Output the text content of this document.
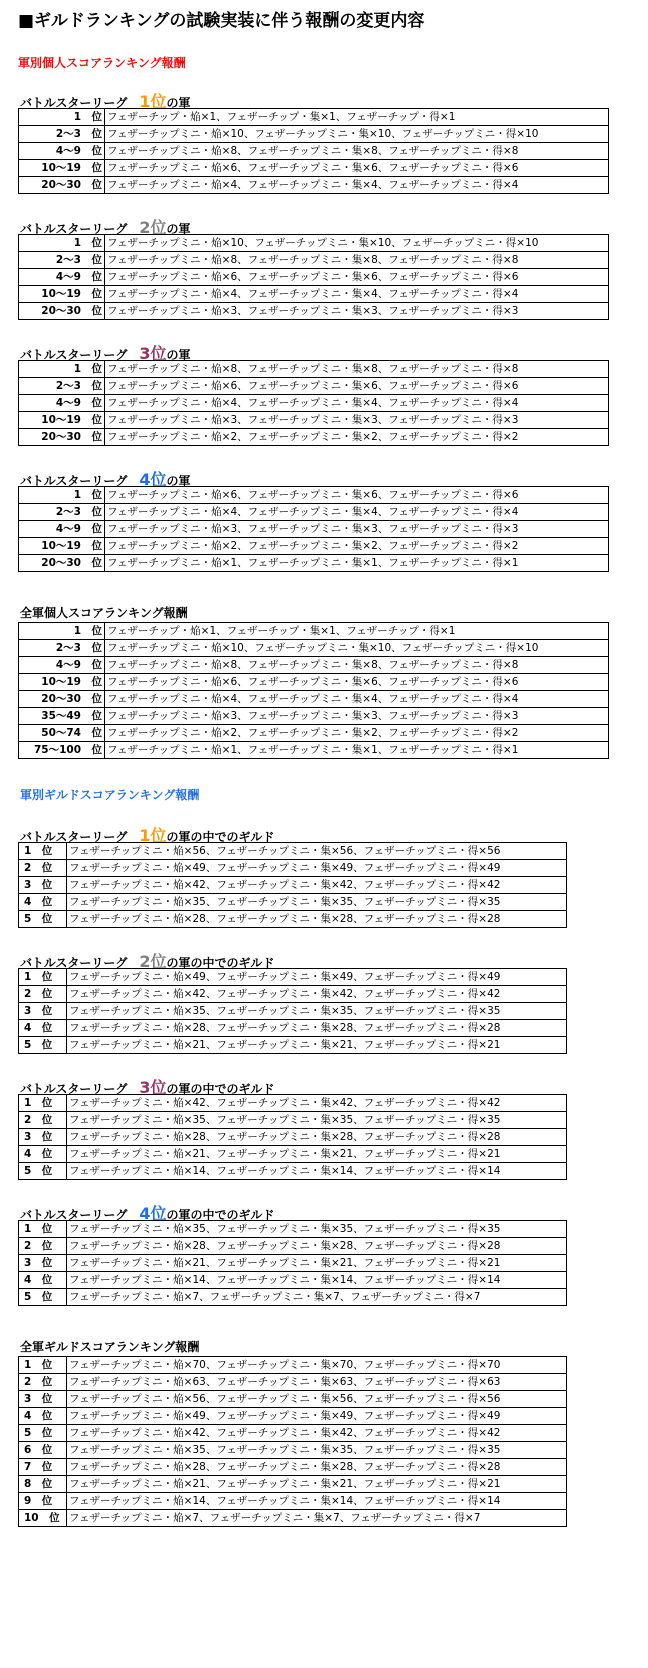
■ギルドランキングの試験実装に伴う報酬の変更内容
軍別個人スコアランキング報酬
バトルスターリーグ　1位の軍
1　位	フェザーチップ・焔×1、フェザーチップ・集×1、フェザーチップ・得×1
2～3　位	フェザーチップミニ・焔×10、フェザーチップミニ・集×10、フェザーチップミニ・得×10
4～9　位	フェザーチップミニ・焔×8、フェザーチップミニ・集×8、フェザーチップミニ・得×8
10～19　位	フェザーチップミニ・焔×6、フェザーチップミニ・集×6、フェザーチップミニ・得×6
20～30　位	フェザーチップミニ・焔×4、フェザーチップミニ・集×4、フェザーチップミニ・得×4
バトルスターリーグ　2位の軍
1　位	フェザーチップミニ・焔×10、フェザーチップミニ・集×10、フェザーチップミニ・得×10
2～3　位	フェザーチップミニ・焔×8、フェザーチップミニ・集×8、フェザーチップミニ・得×8
4～9　位	フェザーチップミニ・焔×6、フェザーチップミニ・集×6、フェザーチップミニ・得×6
10～19　位	フェザーチップミニ・焔×4、フェザーチップミニ・集×4、フェザーチップミニ・得×4
20～30　位	フェザーチップミニ・焔×3、フェザーチップミニ・集×3、フェザーチップミニ・得×3
バトルスターリーグ　3位の軍
1　位	フェザーチップミニ・焔×8、フェザーチップミニ・集×8、フェザーチップミニ・得×8
2～3　位	フェザーチップミニ・焔×6、フェザーチップミニ・集×6、フェザーチップミニ・得×6
4～9　位	フェザーチップミニ・焔×4、フェザーチップミニ・集×4、フェザーチップミニ・得×4
10～19　位	フェザーチップミニ・焔×3、フェザーチップミニ・集×3、フェザーチップミニ・得×3
20～30　位	フェザーチップミニ・焔×2、フェザーチップミニ・集×2、フェザーチップミニ・得×2
バトルスターリーグ　4位の軍
1　位	フェザーチップミニ・焔×6、フェザーチップミニ・集×6、フェザーチップミニ・得×6
2～3　位	フェザーチップミニ・焔×4、フェザーチップミニ・集×4、フェザーチップミニ・得×4
4～9　位	フェザーチップミニ・焔×3、フェザーチップミニ・集×3、フェザーチップミニ・得×3
10～19　位	フェザーチップミニ・焔×2、フェザーチップミニ・集×2、フェザーチップミニ・得×2
20～30　位	フェザーチップミニ・焔×1、フェザーチップミニ・集×1、フェザーチップミニ・得×1
全軍個人スコアランキング報酬
1　位	フェザーチップ・焔×1、フェザーチップ・集×1、フェザーチップ・得×1
2～3　位	フェザーチップミニ・焔×10、フェザーチップミニ・集×10、フェザーチップミニ・得×10
4～9　位	フェザーチップミニ・焔×8、フェザーチップミニ・集×8、フェザーチップミニ・得×8
10～19　位	フェザーチップミニ・焔×6、フェザーチップミニ・集×6、フェザーチップミニ・得×6
20～30　位	フェザーチップミニ・焔×4、フェザーチップミニ・集×4、フェザーチップミニ・得×4
35～49　位	フェザーチップミニ・焔×3、フェザーチップミニ・集×3、フェザーチップミニ・得×3
50～74　位	フェザーチップミニ・焔×2、フェザーチップミニ・集×2、フェザーチップミニ・得×2
75～100　位	フェザーチップミニ・焔×1、フェザーチップミニ・集×1、フェザーチップミニ・得×1
軍別ギルドスコアランキング報酬
バトルスターリーグ　1位の軍の中でのギルド
1　位	フェザーチップミニ・焔×56、フェザーチップミニ・集×56、フェザーチップミニ・得×56
2　位	フェザーチップミニ・焔×49、フェザーチップミニ・集×49、フェザーチップミニ・得×49
3　位	フェザーチップミニ・焔×42、フェザーチップミニ・集×42、フェザーチップミニ・得×42
4　位	フェザーチップミニ・焔×35、フェザーチップミニ・集×35、フェザーチップミニ・得×35
5　位	フェザーチップミニ・焔×28、フェザーチップミニ・集×28、フェザーチップミニ・得×28
バトルスターリーグ　2位の軍の中でのギルド
1　位	フェザーチップミニ・焔×49、フェザーチップミニ・集×49、フェザーチップミニ・得×49
2　位	フェザーチップミニ・焔×42、フェザーチップミニ・集×42、フェザーチップミニ・得×42
3　位	フェザーチップミニ・焔×35、フェザーチップミニ・集×35、フェザーチップミニ・得×35
4　位	フェザーチップミニ・焔×28、フェザーチップミニ・集×28、フェザーチップミニ・得×28
5　位	フェザーチップミニ・焔×21、フェザーチップミニ・集×21、フェザーチップミニ・得×21
バトルスターリーグ　3位の軍の中でのギルド
1　位	フェザーチップミニ・焔×42、フェザーチップミニ・集×42、フェザーチップミニ・得×42
2　位	フェザーチップミニ・焔×35、フェザーチップミニ・集×35、フェザーチップミニ・得×35
3　位	フェザーチップミニ・焔×28、フェザーチップミニ・集×28、フェザーチップミニ・得×28
4　位	フェザーチップミニ・焔×21、フェザーチップミニ・集×21、フェザーチップミニ・得×21
5　位	フェザーチップミニ・焔×14、フェザーチップミニ・集×14、フェザーチップミニ・得×14
バトルスターリーグ　4位の軍の中でのギルド
1　位	フェザーチップミニ・焔×35、フェザーチップミニ・集×35、フェザーチップミニ・得×35
2　位	フェザーチップミニ・焔×28、フェザーチップミニ・集×28、フェザーチップミニ・得×28
3　位	フェザーチップミニ・焔×21、フェザーチップミニ・集×21、フェザーチップミニ・得×21
4　位	フェザーチップミニ・焔×14、フェザーチップミニ・集×14、フェザーチップミニ・得×14
5　位	フェザーチップミニ・焔×7、フェザーチップミニ・集×7、フェザーチップミニ・得×7
全軍ギルドスコアランキング報酬
1　位	フェザーチップミニ・焔×70、フェザーチップミニ・集×70、フェザーチップミニ・得×70
2　位	フェザーチップミニ・焔×63、フェザーチップミニ・集×63、フェザーチップミニ・得×63
3　位	フェザーチップミニ・焔×56、フェザーチップミニ・集×56、フェザーチップミニ・得×56
4　位	フェザーチップミニ・焔×49、フェザーチップミニ・集×49、フェザーチップミニ・得×49
5　位	フェザーチップミニ・焔×42、フェザーチップミニ・集×42、フェザーチップミニ・得×42
6　位	フェザーチップミニ・焔×35、フェザーチップミニ・集×35、フェザーチップミニ・得×35
7　位	フェザーチップミニ・焔×28、フェザーチップミニ・集×28、フェザーチップミニ・得×28
8　位	フェザーチップミニ・焔×21、フェザーチップミニ・集×21、フェザーチップミニ・得×21
9　位	フェザーチップミニ・焔×14、フェザーチップミニ・集×14、フェザーチップミニ・得×14
10　位	フェザーチップミニ・焔×7、フェザーチップミニ・集×7、フェザーチップミニ・得×7
